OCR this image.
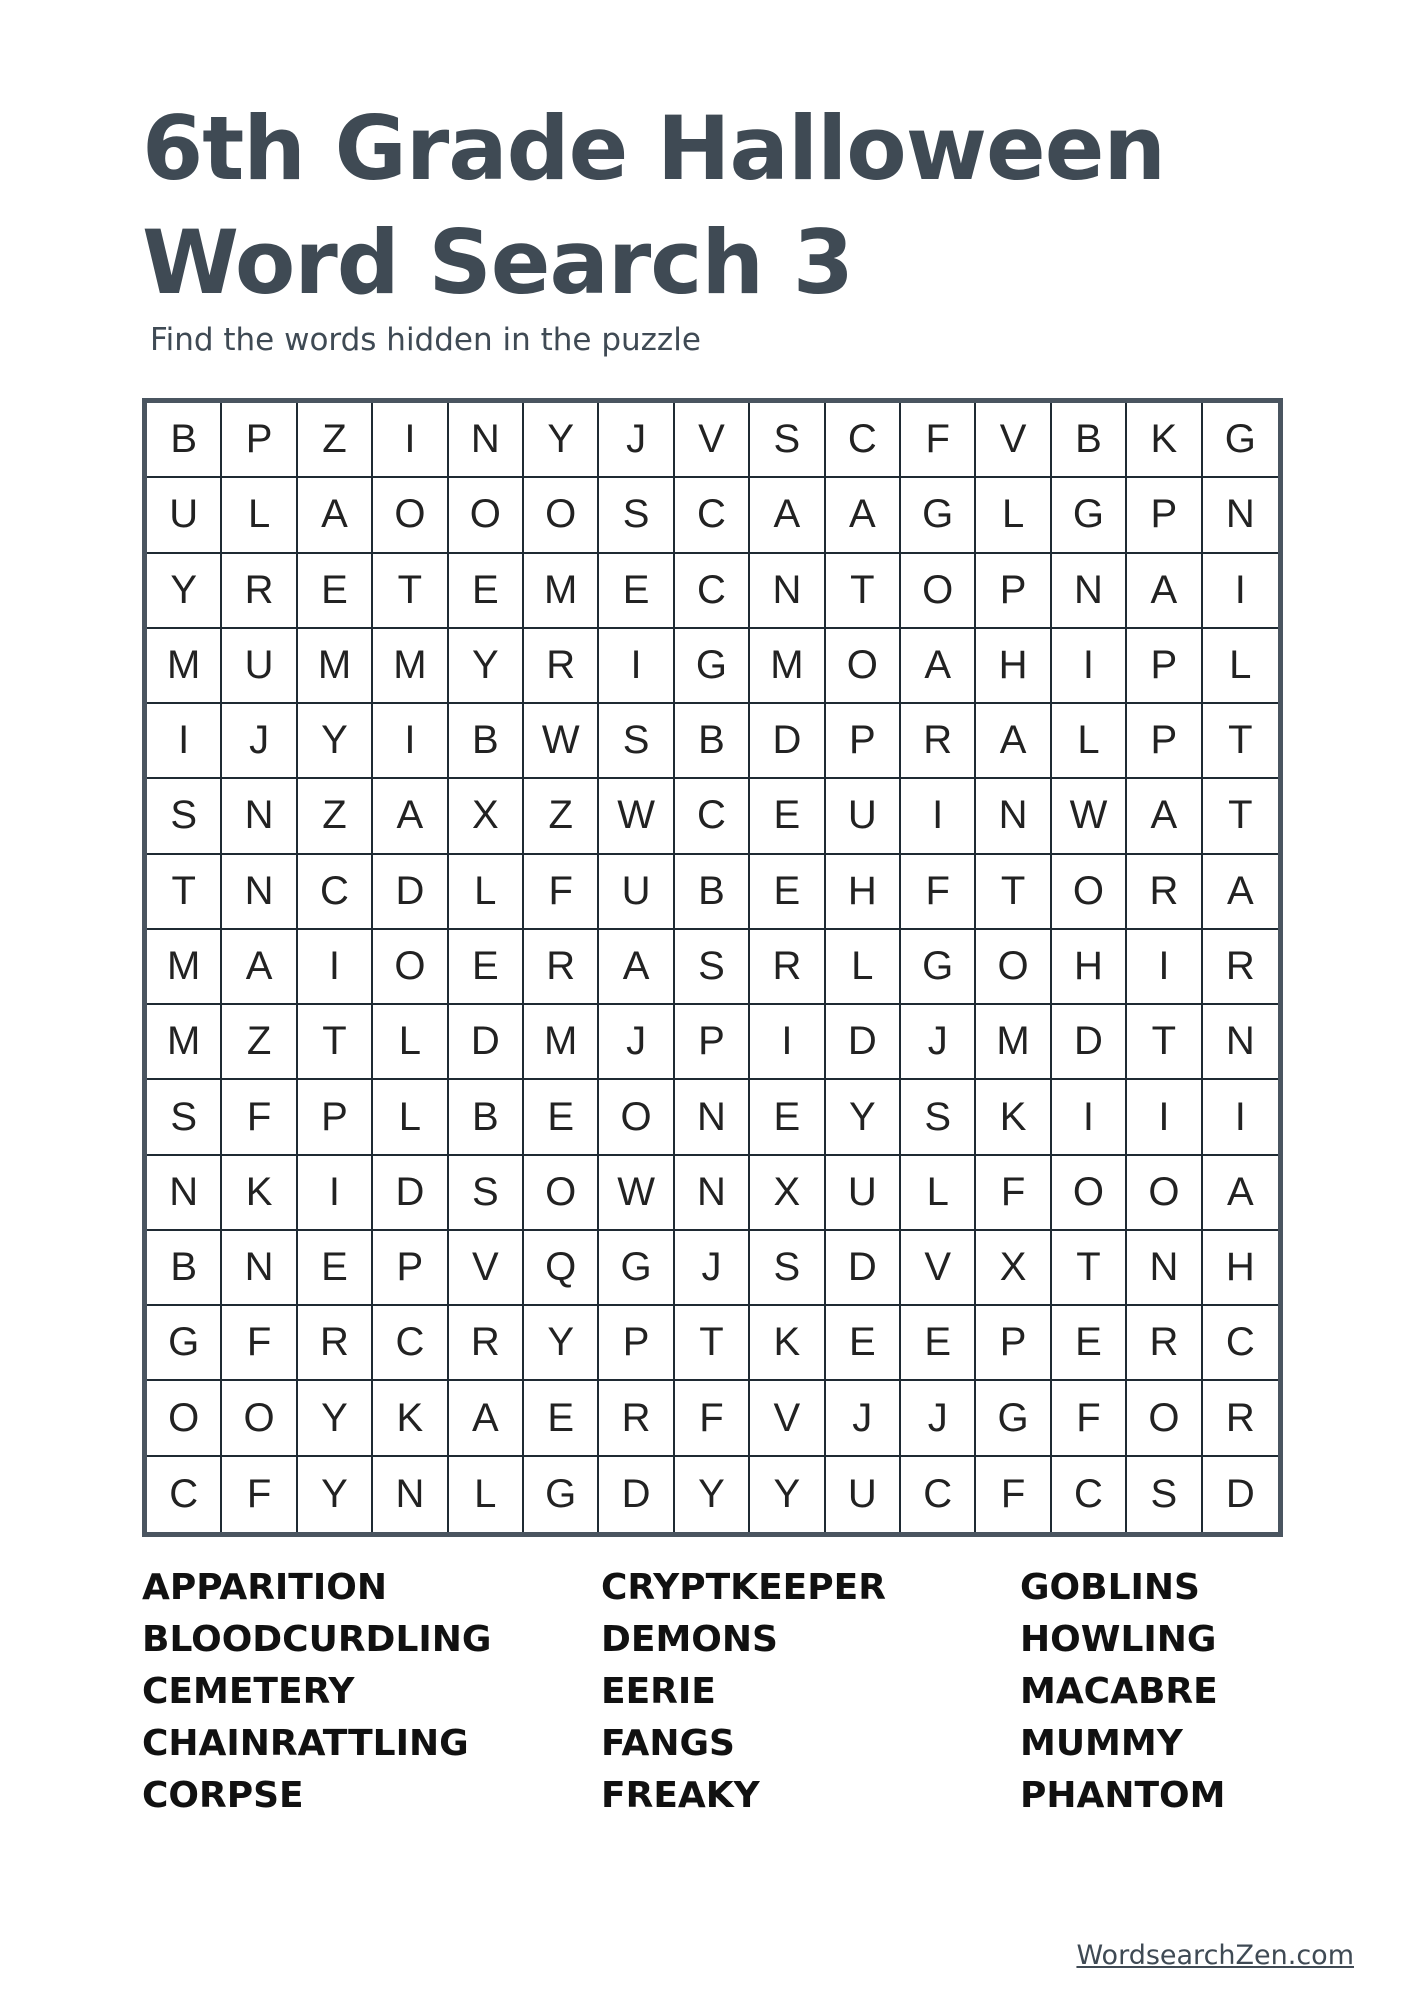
6th Grade Halloween
Word Search 3
Find the words hidden in the puzzle
B	P	Z	I	N	Y	J	V	S	C	F	V	B	K	G
U	L	A	O	O	O	S	C	A	A	G	L	G	P	N
Y	R	E	T	E	M	E	C	N	T	O	P	N	A	I
M	U	M	M	Y	R	I	G	M	O	A	H	I	P	L
I	J	Y	I	B	W	S	B	D	P	R	A	L	P	T
S	N	Z	A	X	Z	W	C	E	U	I	N	W	A	T
T	N	C	D	L	F	U	B	E	H	F	T	O	R	A
M	A	I	O	E	R	A	S	R	L	G	O	H	I	R
M	Z	T	L	D	M	J	P	I	D	J	M	D	T	N
S	F	P	L	B	E	O	N	E	Y	S	K	I	I	I
N	K	I	D	S	O	W	N	X	U	L	F	O	O	A
B	N	E	P	V	Q	G	J	S	D	V	X	T	N	H
G	F	R	C	R	Y	P	T	K	E	E	P	E	R	C
O	O	Y	K	A	E	R	F	V	J	J	G	F	O	R
C	F	Y	N	L	G	D	Y	Y	U	C	F	C	S	D
APPARITION
BLOODCURDLING
CEMETERY
CHAINRATTLING
CORPSE
CRYPTKEEPER
DEMONS
EERIE
FANGS
FREAKY
GOBLINS
HOWLING
MACABRE
MUMMY
PHANTOM
WordsearchZen.com
